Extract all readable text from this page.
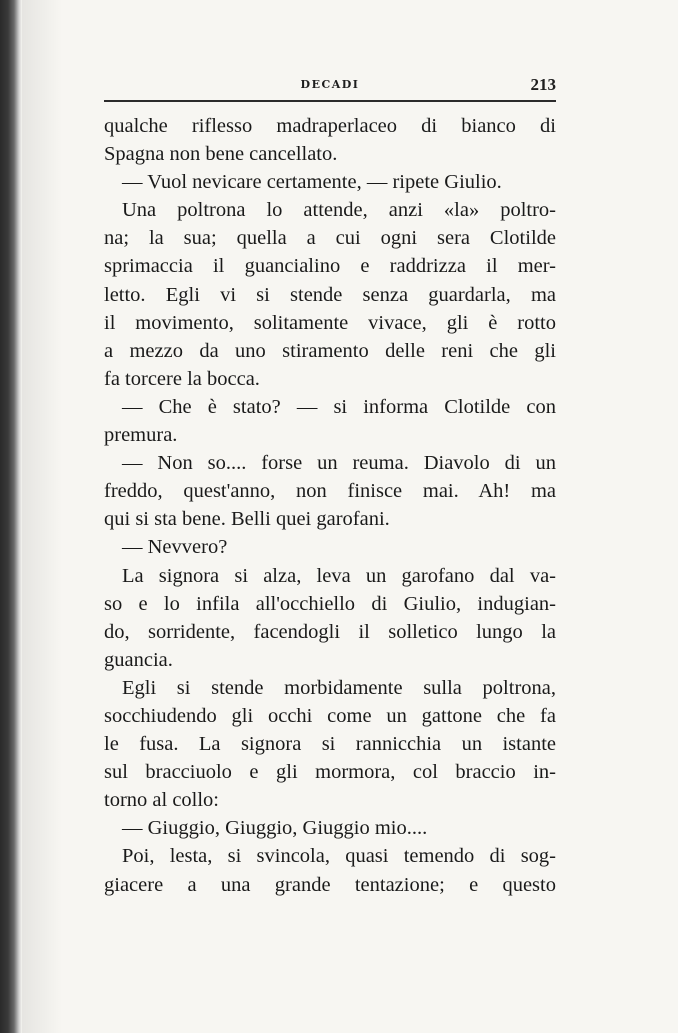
DECADI	213
qualche riflesso madraperlaceo di bianco di
Spagna non bene cancellato.
— Vuol nevicare certamente, — ripete Giulio.
Una poltrona lo attende, anzi «la» poltro-
na; la sua; quella a cui ogni sera Clotilde
sprimaccia il guancialino e raddrizza il mer-
letto. Egli vi si stende senza guardarla, ma
il movimento, solitamente vivace, gli è rotto
a mezzo da uno stiramento delle reni che gli
fa torcere la bocca.
— Che è stato? — si informa Clotilde con
premura.
— Non so.... forse un reuma. Diavolo di un
freddo, quest'anno, non finisce mai. Ah! ma
qui si sta bene. Belli quei garofani.
— Nevvero?
La signora si alza, leva un garofano dal va-
so e lo infila all'occhiello di Giulio, indugian-
do, sorridente, facendogli il solletico lungo la
guancia.
Egli si stende morbidamente sulla poltrona,
socchiudendo gli occhi come un gattone che fa
le fusa. La signora si rannicchia un istante
sul bracciuolo e gli mormora, col braccio in-
torno al collo:
— Giuggio, Giuggio, Giuggio mio....
Poi, lesta, si svincola, quasi temendo di sog-
giacere a una grande tentazione; e questo
